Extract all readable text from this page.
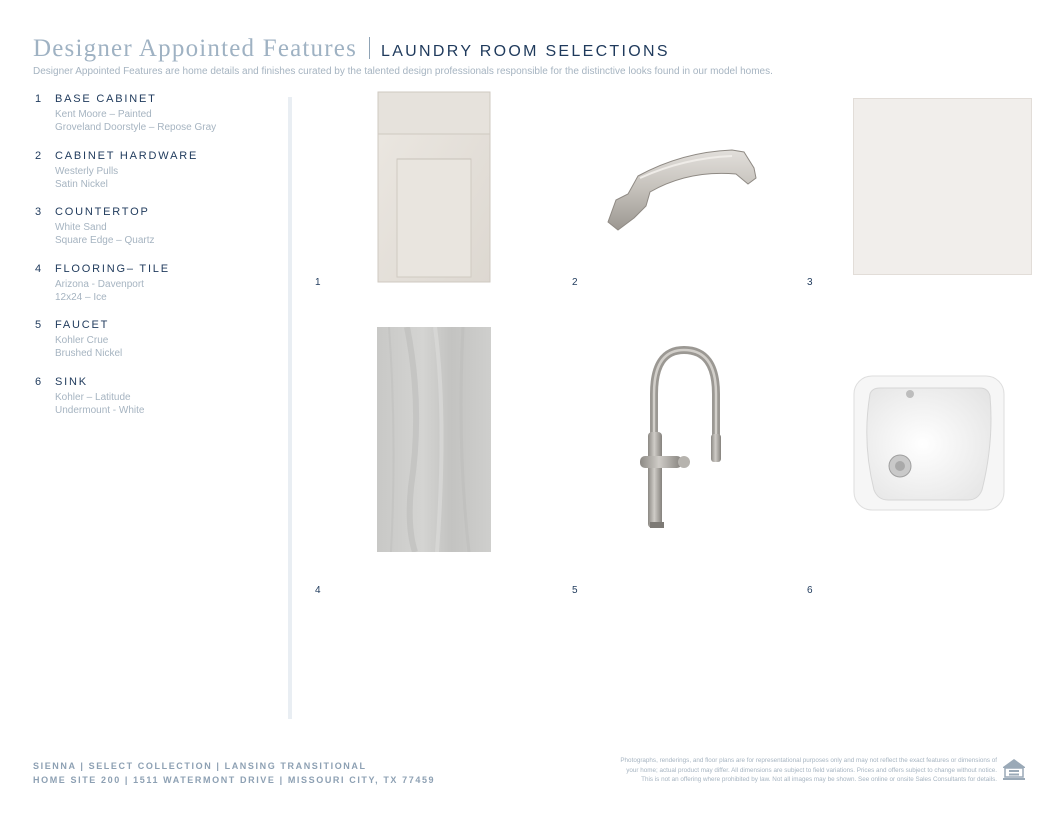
Designer Appointed Features LAUNDRY ROOM SELECTIONS
Designer Appointed Features are home details and finishes curated by the talented design professionals responsible for the distinctive looks found in our model homes.
1 BASE CABINET
Kent Moore – Painted
Groveland Doorstyle – Repose Gray
2 CABINET HARDWARE
Westerly Pulls
Satin Nickel
3 COUNTERTOP
White Sand
Square Edge – Quartz
4 FLOORING– TILE
Arizona - Davenport
12x24 – Ice
5 FAUCET
Kohler Crue
Brushed Nickel
6 SINK
Kohler – Latitude
Undermount - White
1	2	3
4	5	6
SIENNA | SELECT COLLECTION | LANSING TRANSITIONAL
HOME SITE 200 | 1511 WATERMONT DRIVE | MISSOURI CITY, TX 77459
Photographs, renderings, and floor plans are for representational purposes only and may not reflect the exact features or dimensions of
your home; actual product may differ. All dimensions are subject to field variations. Prices and offers subject to change without notice.
This is not an offering where prohibited by law. Not all images may be shown. See online or onsite Sales Consultants for details.
